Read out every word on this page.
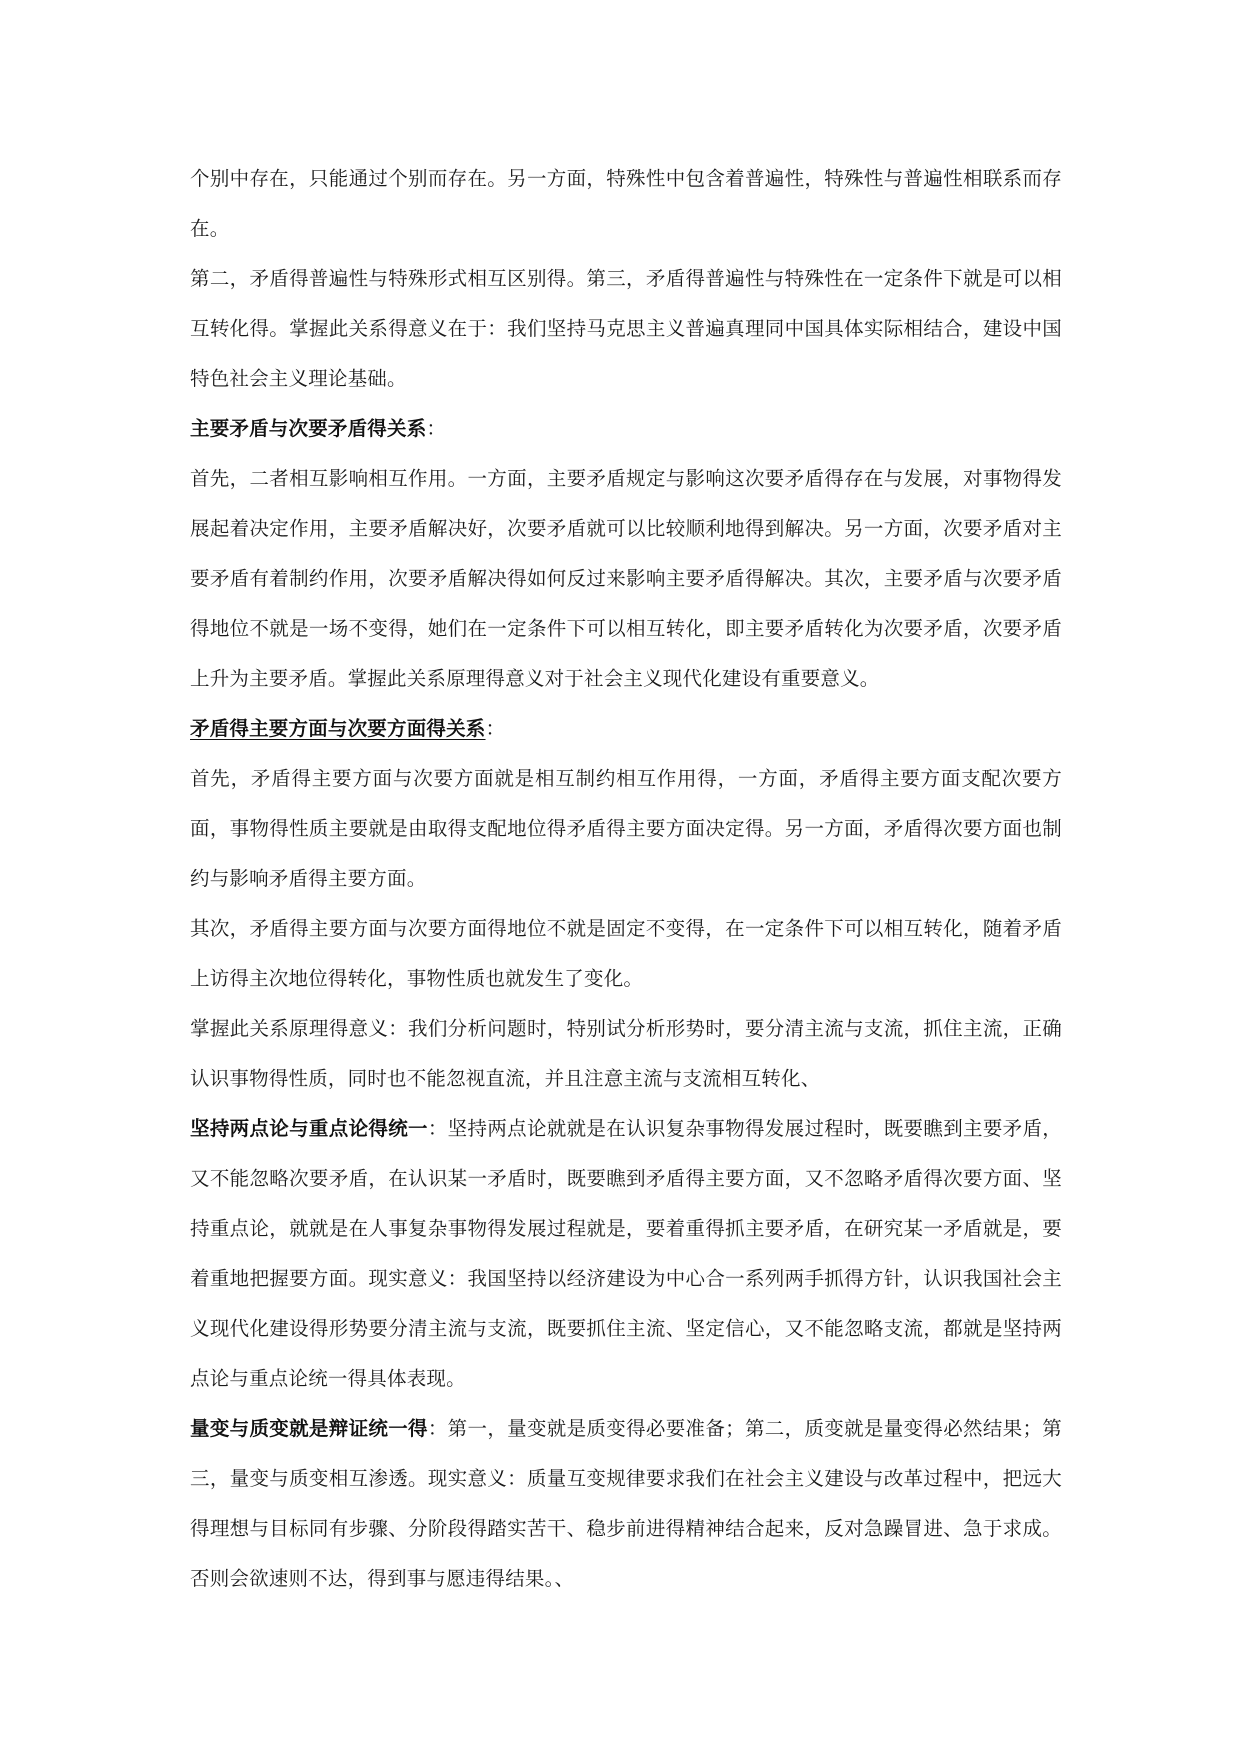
个别中存在，只能通过个别而存在。另一方面，特殊性中包含着普遍性，特殊性与普遍性相联系而存在。

第二，矛盾得普遍性与特殊形式相互区别得。第三，矛盾得普遍性与特殊性在一定条件下就是可以相互转化得。掌握此关系得意义在于：我们坚持马克思主义普遍真理同中国具体实际相结合，建设中国特色社会主义理论基础。

主要矛盾与次要矛盾得关系：

首先，二者相互影响相互作用。一方面，主要矛盾规定与影响这次要矛盾得存在与发展，对事物得发展起着决定作用，主要矛盾解决好，次要矛盾就可以比较顺利地得到解决。另一方面，次要矛盾对主要矛盾有着制约作用，次要矛盾解决得如何反过来影响主要矛盾得解决。其次，主要矛盾与次要矛盾得地位不就是一场不变得，她们在一定条件下可以相互转化，即主要矛盾转化为次要矛盾，次要矛盾上升为主要矛盾。掌握此关系原理得意义对于社会主义现代化建设有重要意义。

矛盾得主要方面与次要方面得关系：

首先，矛盾得主要方面与次要方面就是相互制约相互作用得，一方面，矛盾得主要方面支配次要方面，事物得性质主要就是由取得支配地位得矛盾得主要方面决定得。另一方面，矛盾得次要方面也制约与影响矛盾得主要方面。

其次，矛盾得主要方面与次要方面得地位不就是固定不变得，在一定条件下可以相互转化，随着矛盾上访得主次地位得转化，事物性质也就发生了变化。

掌握此关系原理得意义：我们分析问题时，特别试分析形势时，要分清主流与支流，抓住主流，正确认识事物得性质，同时也不能忽视直流，并且注意主流与支流相互转化、

坚持两点论与重点论得统一：坚持两点论就就是在认识复杂事物得发展过程时，既要瞧到主要矛盾，又不能忽略次要矛盾，在认识某一矛盾时，既要瞧到矛盾得主要方面，又不忽略矛盾得次要方面、坚持重点论，就就是在人事复杂事物得发展过程就是，要着重得抓主要矛盾，在研究某一矛盾就是，要着重地把握要方面。现实意义：我国坚持以经济建设为中心合一系列两手抓得方针，认识我国社会主义现代化建设得形势要分清主流与支流，既要抓住主流、坚定信心，又不能忽略支流，都就是坚持两点论与重点论统一得具体表现。

量变与质变就是辩证统一得：第一，量变就是质变得必要准备；第二，质变就是量变得必然结果；第三，量变与质变相互渗透。现实意义：质量互变规律要求我们在社会主义建设与改革过程中，把远大得理想与目标同有步骤、分阶段得踏实苦干、稳步前进得精神结合起来，反对急躁冒进、急于求成。否则会欲速则不达，得到事与愿违得结果。、
